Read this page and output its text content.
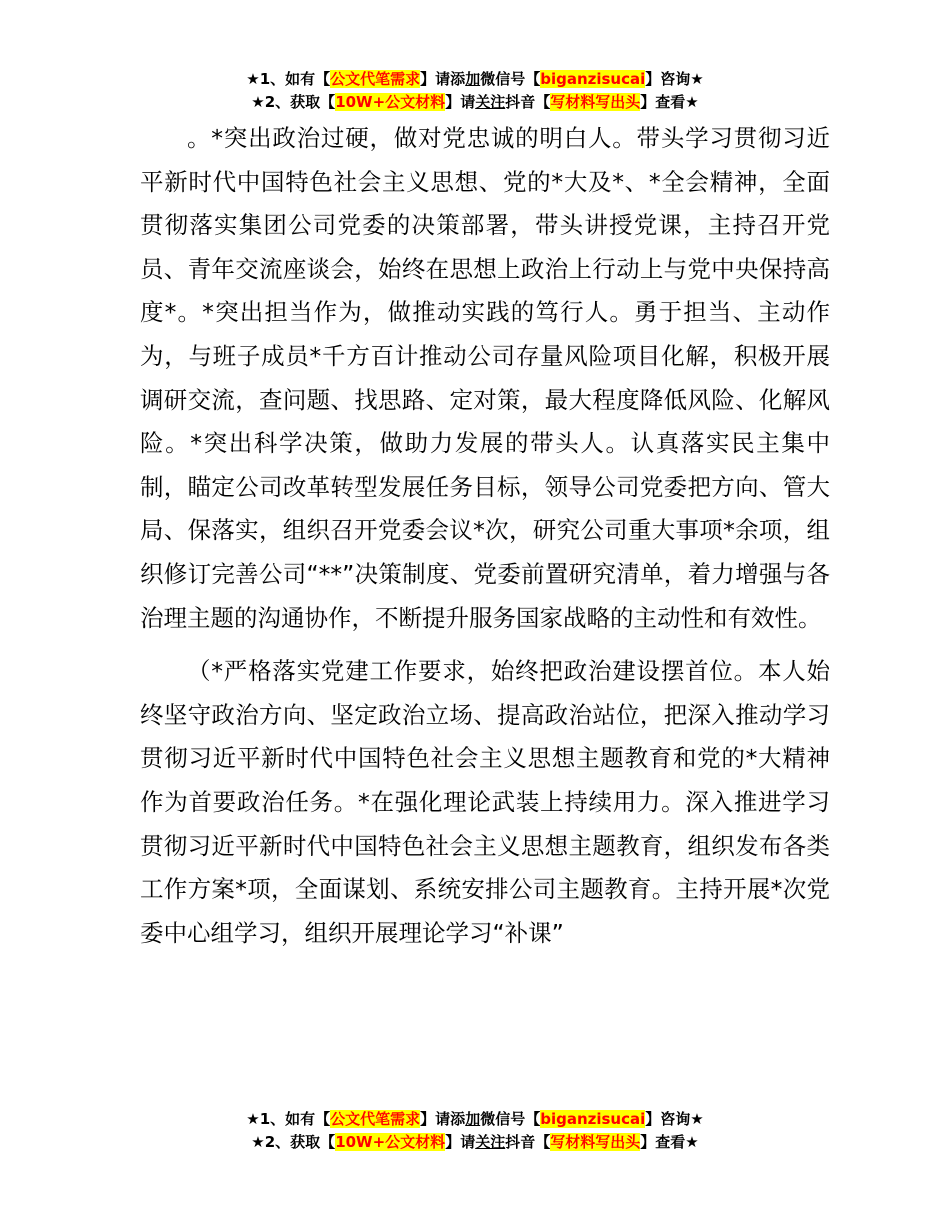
★1、如有【公文代笔需求】请添加微信号【biganzisucai】咨询★
★2、获取【10W+公文材料】请关注抖音【写材料写出头】查看★

。*突出政治过硬，做对党忠诚的明白人。带头学习贯彻习近平新时代中国特色社会主义思想、党的*大及*、*全会精神，全面贯彻落实集团公司党委的决策部署，带头讲授党课，主持召开党员、青年交流座谈会，始终在思想上政治上行动上与党中央保持高度*。*突出担当作为，做推动实践的笃行人。勇于担当、主动作为，与班子成员*千方百计推动公司存量风险项目化解，积极开展调研交流，查问题、找思路、定对策，最大程度降低风险、化解风险。*突出科学决策，做助力发展的带头人。认真落实民主集中制，瞄定公司改革转型发展任务目标，领导公司党委把方向、管大局、保落实，组织召开党委会议*次，研究公司重大事项*余项，组织修订完善公司“**”决策制度、党委前置研究清单，着力增强与各治理主题的沟通协作，不断提升服务国家战略的主动性和有效性。

（*严格落实党建工作要求，始终把政治建设摆首位。本人始终坚守政治方向、坚定政治立场、提高政治站位，把深入推动学习贯彻习近平新时代中国特色社会主义思想主题教育和党的*大精神作为首要政治任务。*在强化理论武装上持续用力。深入推进学习贯彻习近平新时代中国特色社会主义思想主题教育，组织发布各类工作方案*项，全面谋划、系统安排公司主题教育。主持开展*次党委中心组学习，组织开展理论学习“补课”

★1、如有【公文代笔需求】请添加微信号【biganzisucai】咨询★
★2、获取【10W+公文材料】请关注抖音【写材料写出头】查看★
